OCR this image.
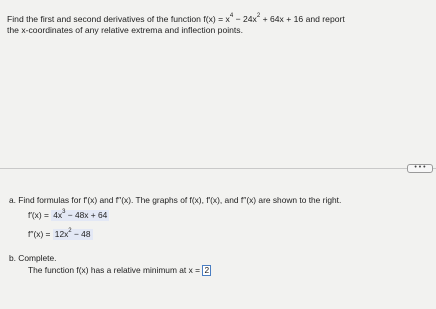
Find the first and second derivatives of the function $f(x) = x^4 - 24x^2 + 64x + 16$ and report
the x-coordinates of any relative extrema and inflection points.
• • •
a. Find formulas for f′(x) and f′′(x). The graphs of f(x), f′(x), and f′′(x) are shown to the right.
$f'(x) = 4x^3 - 48x + 64$
$f''(x) = 12x^2 - 48$
b. Complete.
The function f(x) has a relative minimum at x = 2
